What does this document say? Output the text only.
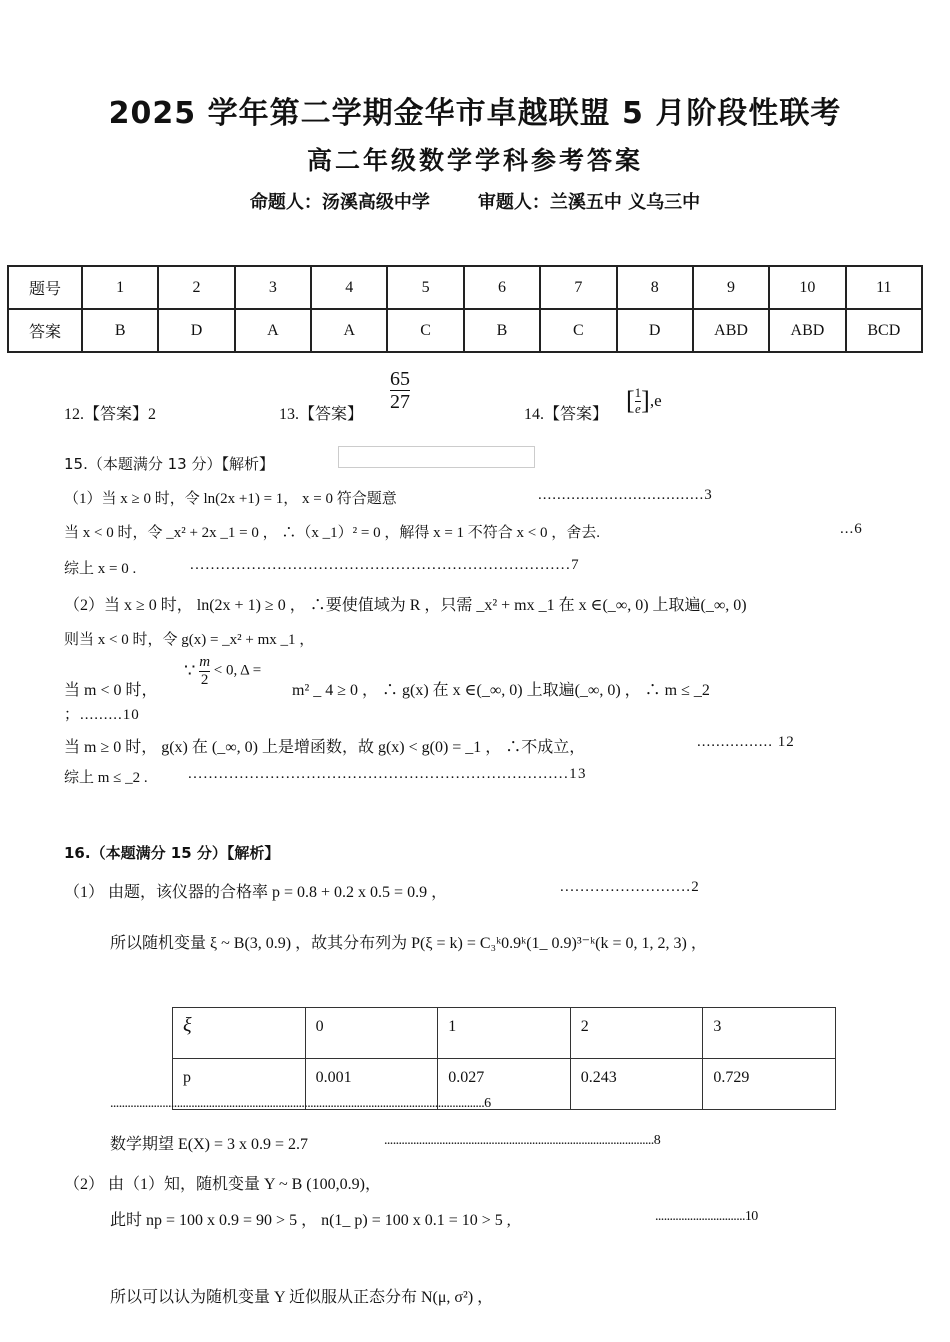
2025 学年第二学期金华市卓越联盟 5 月阶段性联考
高二年级数学学科参考答案
命题人：汤溪高级中学	审题人：兰溪五中 义乌三中
题号	1	2	3	4	5	6	7	8	9	10	11
答案	B	D	A	A	C	B	C	D	ABD	ABD	BCD
12.【答案】2	13.【答案】
$\frac{65}{27}$
14.【答案】 [ $\frac{1}{e} ],e$
15.（本题满分 13 分）【解析】
（1）当 x ≥ 0 时，令 ln(2x +1) = 1， x = 0 符合题意	...................................3
当 x < 0 时，令 _x² + 2x _1 = 0 ， ∴（x _1）² = 0 ，解得 x = 1 不符合 x < 0 ，舍去.	...6
综上 x = 0 .	..........................................................................7
（2）当 x ≥ 0 时， ln(2x + 1) ≥ 0 ， ∴要使值域为 R ，只需 _x² + mx _1 在 x ∈(_∞, 0) 上取遍(_∞, 0)
则当 x < 0 时，令 g(x) = _x² + mx _1 ，
当 m < 0 时，
∵ $\frac{m}{2} < 0$, Δ =
m² _ 4 ≥ 0 ， ∴ g(x) 在 x ∈(_∞, 0) 上取遍(_∞, 0) ， ∴ m ≤ _2
；.........10
当 m ≥ 0 时， g(x) 在 (_∞, 0) 上是增函数，故 g(x) < g(0) = _1 ， ∴不成立，	................ 12
综上 m ≤ _2 .	..........................................................................13
16.（本题满分 15 分）【解析】
（1） 由题，该仪器的合格率 p = 0.8 + 0.2 x 0.5 = 0.9 ，	..........................2
所以随机变量 ξ ~ B(3, 0.9) ，故其分布列为 P(ξ = k) = C₃ᵏ0.9ᵏ(1_ 0.9)³⁻ᵏ(k = 0, 1, 2, 3) ，
ξ	0	1	2	3
p	0.001	0.027	0.243	0.729
.................................................................................................................................6
数学期望 E(X) = 3 x 0.9 = 2.7	.............................................................................................8
（2） 由（1）知，随机变量 Y ~ B (100,0.9)，
此时 np = 100 x 0.9 = 90 > 5 ， n(1_ p) = 100 x 0.1 = 10 > 5 ,	...............................10
所以可以认为随机变量 Y 近似服从正态分布 N(μ, σ²) ，
